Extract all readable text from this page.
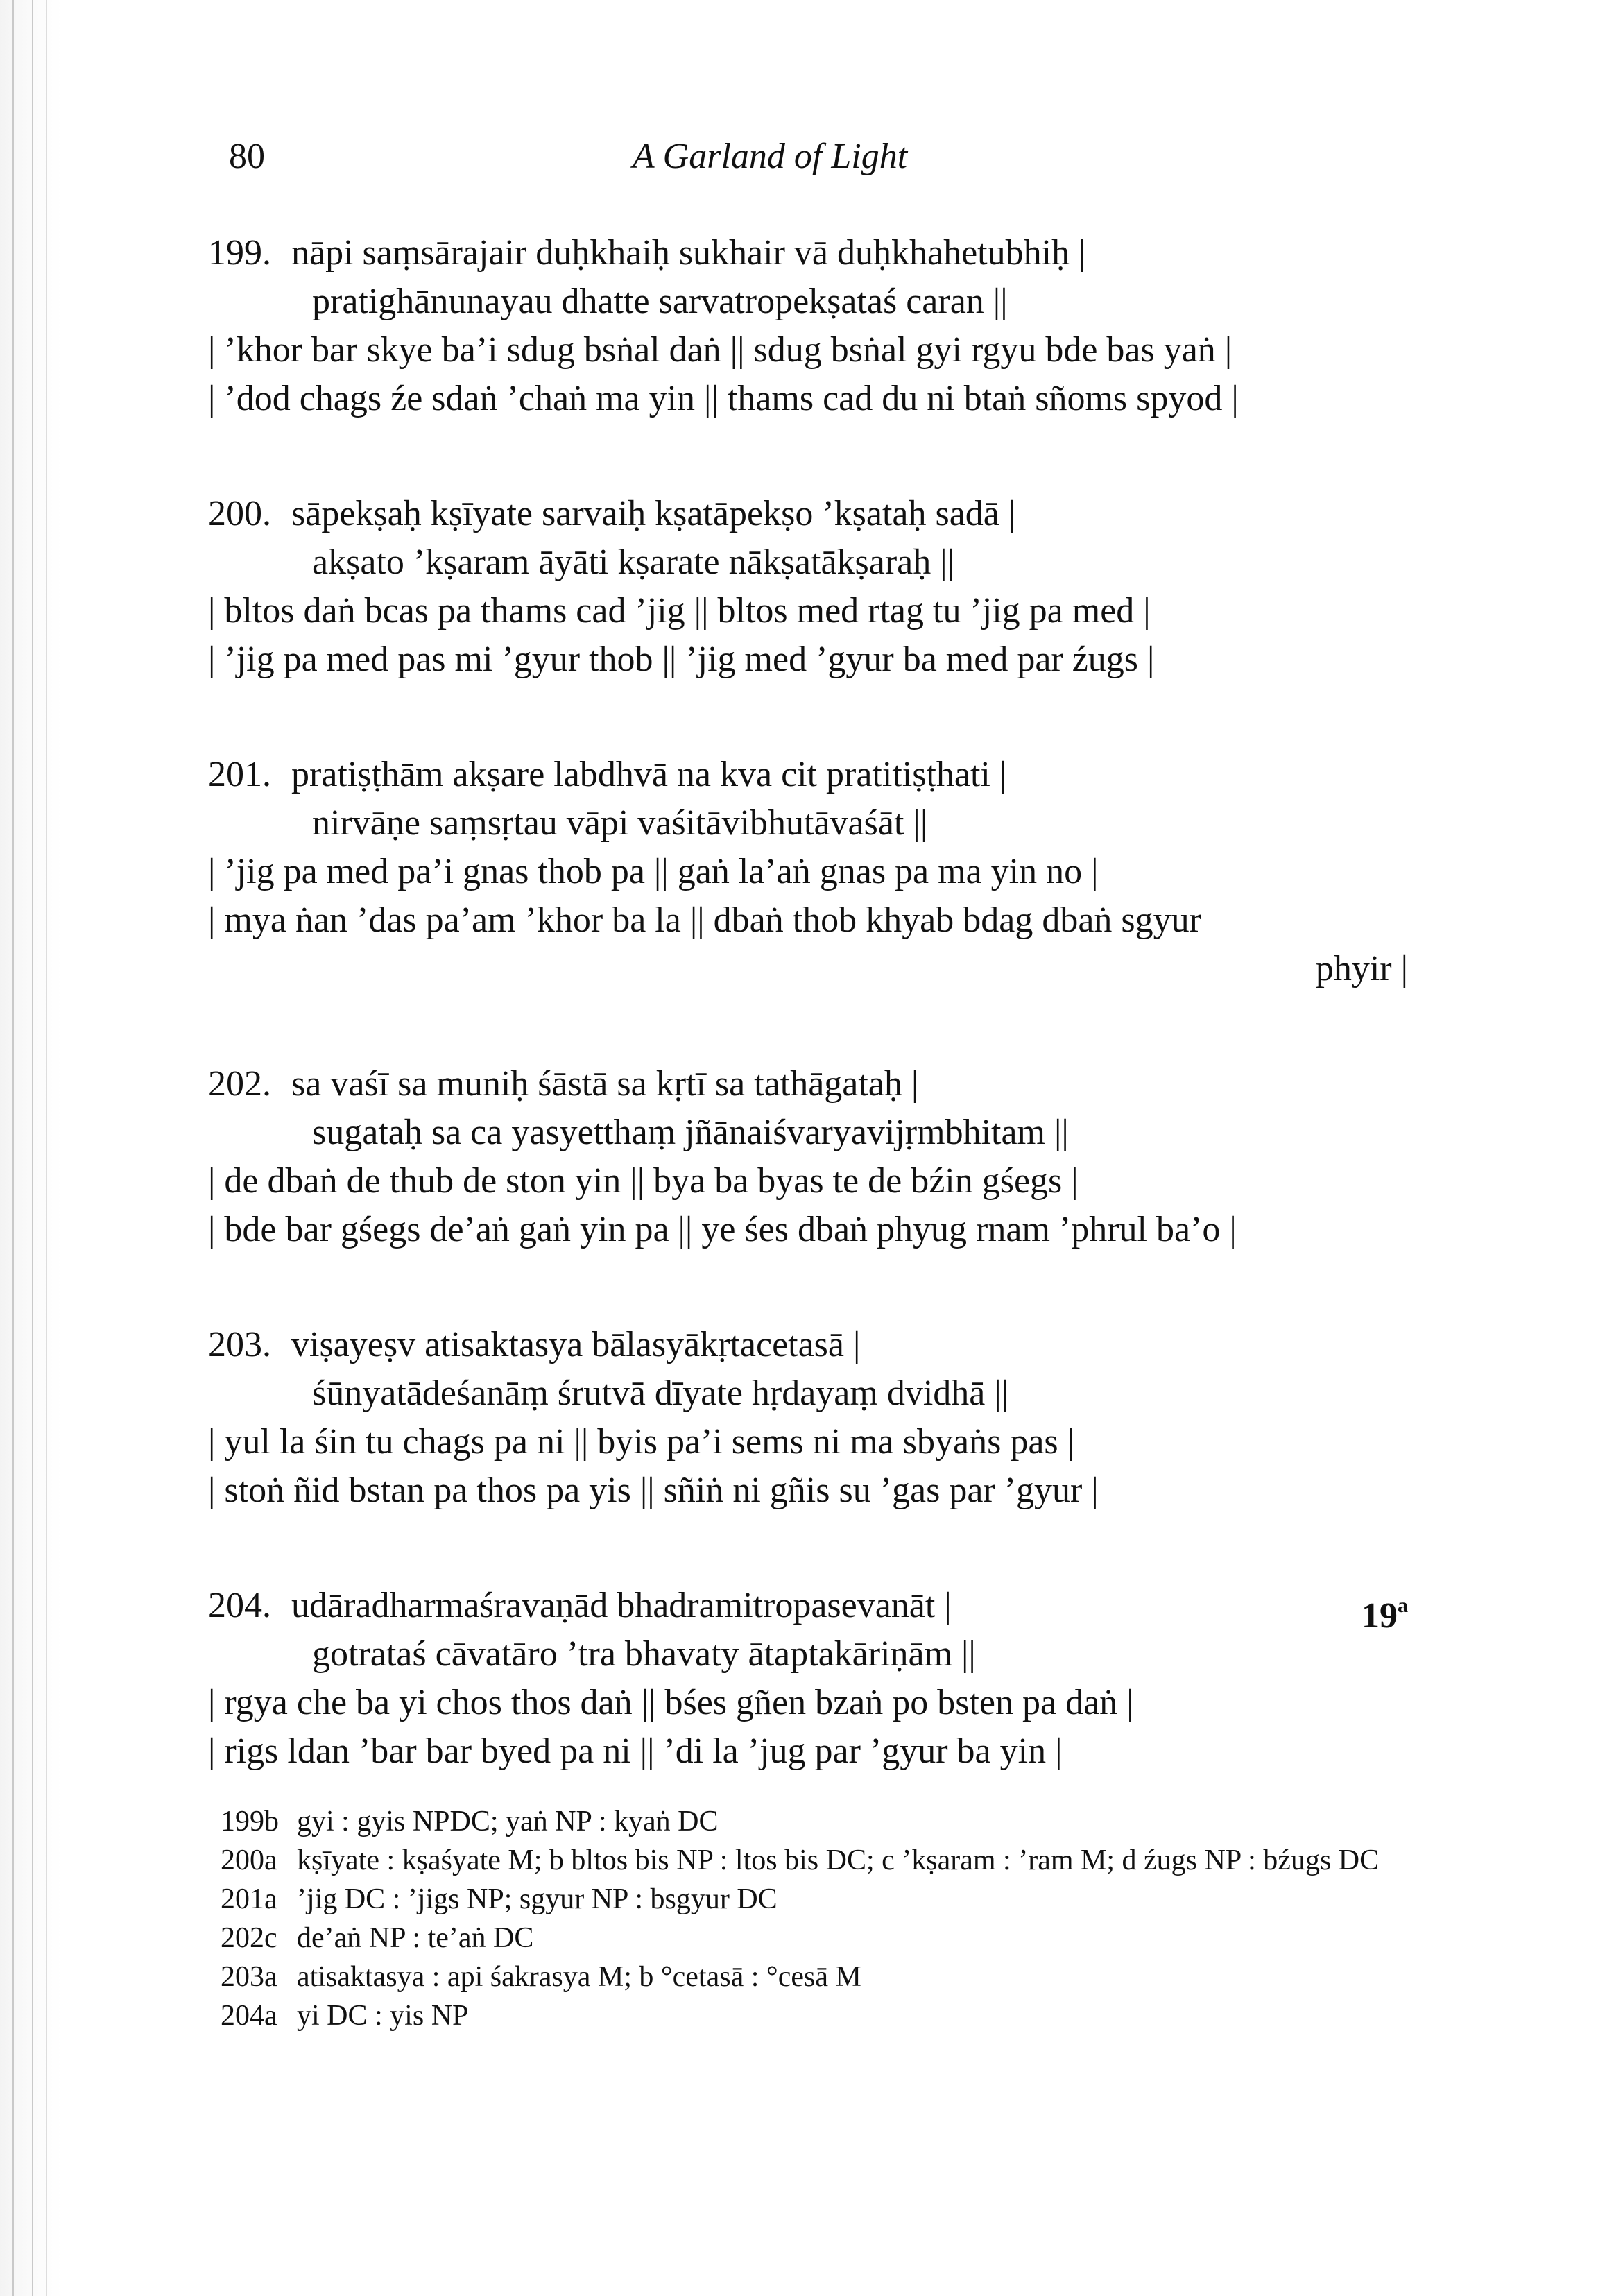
80	A Garland of Light
199. nāpi saṃsārajair duḥkhaiḥ sukhair vā duḥkhahetubhiḥ |
pratighānunayau dhatte sarvatropekṣataś caran ||
| ’khor bar skye ba’i sdug bsṅal daṅ || sdug bsṅal gyi rgyu bde bas yaṅ |
| ’dod chags źe sdaṅ ’chaṅ ma yin || thams cad du ni btaṅ sñoms spyod |
200. sāpekṣaḥ kṣīyate sarvaiḥ kṣatāpekṣo ’kṣataḥ sadā |
akṣato ’kṣaram āyāti kṣarate nākṣatākṣaraḥ ||
| bltos daṅ bcas pa thams cad ’jig || bltos med rtag tu ’jig pa med |
| ’jig pa med pas mi ’gyur thob || ’jig med ’gyur ba med par źugs |
201. pratiṣṭhām akṣare labdhvā na kva cit pratitiṣṭhati |
nirvāṇe saṃsṛtau vāpi vaśitāvibhutāvaśāt ||
| ’jig pa med pa’i gnas thob pa || gaṅ la’aṅ gnas pa ma yin no |
| mya ṅan ’das pa’am ’khor ba la || dbaṅ thob khyab bdag dbaṅ sgyur
phyir |
202. sa vaśī sa muniḥ śāstā sa kṛtī sa tathāgataḥ |
sugataḥ sa ca yasyetthaṃ jñānaiśvaryavijṛmbhitam ||
| de dbaṅ de thub de ston yin || bya ba byas te de bźin gśegs |
| bde bar gśegs de’aṅ gaṅ yin pa || ye śes dbaṅ phyug rnam ’phrul ba’o |
203. viṣayeṣv atisaktasya bālasyākṛtacetasā |
śūnyatādeśanāṃ śrutvā dīyate hṛdayaṃ dvidhā ||
| yul la śin tu chags pa ni || byis pa’i sems ni ma sbyaṅs pas |
| stoṅ ñid bstan pa thos pa yis || sñiṅ ni gñis su ’gas par ’gyur |
19$^a$
204. udāradharmaśravaṇād bhadramitropasevanāt |
gotrataś cāvatāro ’tra bhavaty ātaptakāriṇām ||
| rgya che ba yi chos thos daṅ || bśes gñen bzaṅ po bsten pa daṅ |
| rigs ldan ’bar bar byed pa ni || ’di la ’jug par ’gyur ba yin |
199b gyi : gyis NPDC; yaṅ NP : kyaṅ DC
200a kṣīyate : kṣaśyate M; b bltos bis NP : ltos bis DC; c ’kṣaram : ’ram M; d źugs NP : bźugs DC
201a ’jig DC : ’jigs NP; sgyur NP : bsgyur DC
202c de’aṅ NP : te’aṅ DC
203a atisaktasya : api śakrasya M; b °cetasā : °cesā M
204a yi DC : yis NP
